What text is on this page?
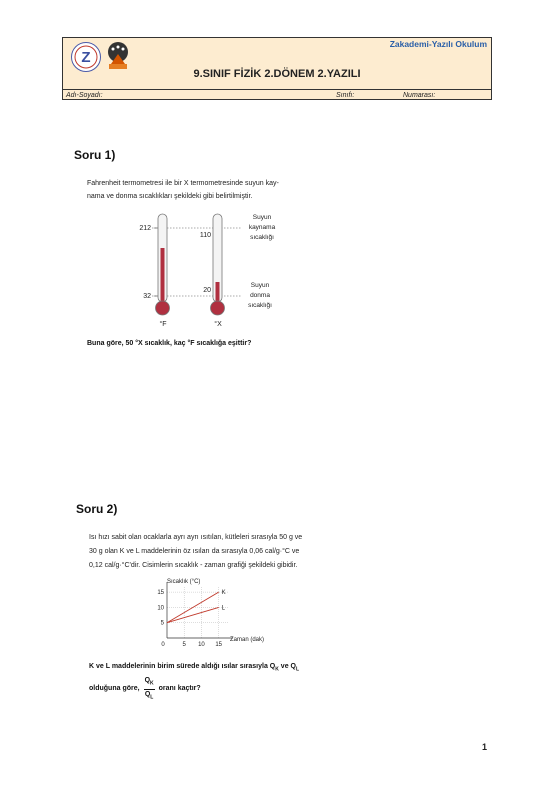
Z
Zakademi-Yazılı Okulum
9.SINIF FİZİK 2.DÖNEM 2.YAZILI
Adı-Soyadı:	Sınıfı:	Numarası:
Soru 1)
Fahrenheit termometresi ile bir X termometresinde suyun kay-
nama ve donma sıcaklıkları şekildeki gibi belirtilmiştir.
212
32
110
20
°F	°X
Suyun
kaynama
sıcaklığı
Suyun
donma
sıcaklığı
Buna göre, 50 °X sıcaklık, kaç °F sıcaklığa eşittir?
Soru 2)
Isı hızı sabit olan ocaklarla ayrı ayrı ısıtılan, kütleleri sırasıyla 50 g ve
30 g olan K ve L maddelerinin öz ısıları da sırasıyla 0,06 cal/g·°C ve
0,12 cal/g·°C'dir. Cisimlerin sıcaklık - zaman grafiği şekildeki gibidir.
Sıcaklık (°C)
Zaman (dak)
0	5 10 15
5
10
15	K
L
K ve L maddelerinin birim sürede aldığı ısılar sırasıyla $Q_K$ ve $Q_L$
olduğuna göre, $\frac{Q_K}{Q_L}$ oranı kaçtır?
1
